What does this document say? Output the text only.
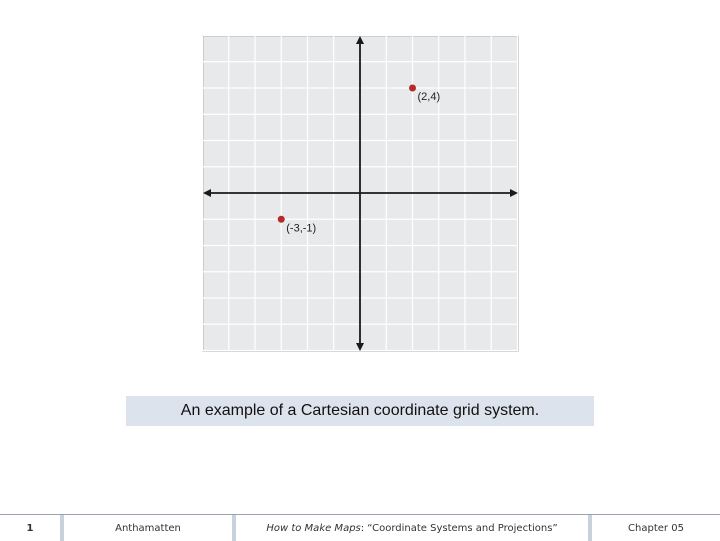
(2,4)
(-3,-1)
An example of a Cartesian coordinate grid system.
1	Anthamatten	How to Make Maps : “Coordinate Systems and Projections”	Chapter 05
